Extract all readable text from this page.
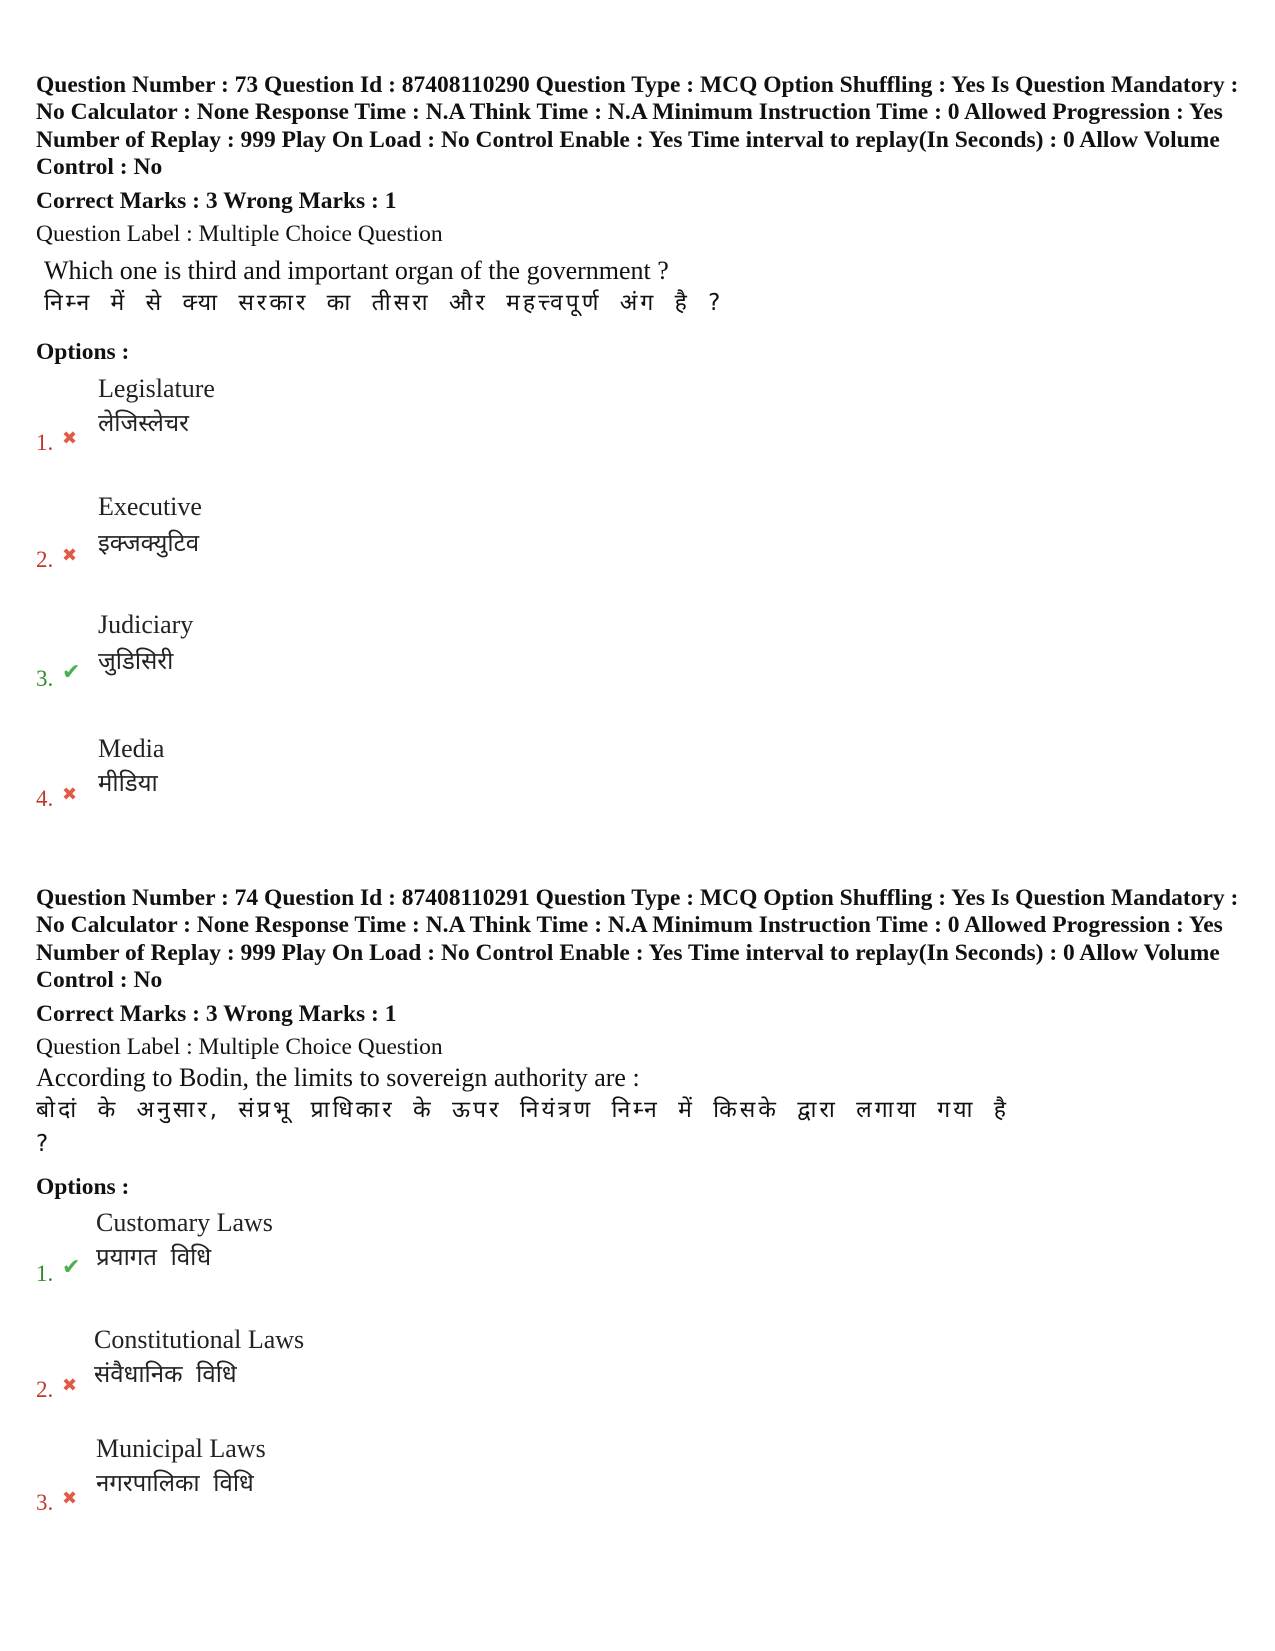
Question Number : 73 Question Id : 87408110290 Question Type : MCQ Option Shuffling : Yes Is Question Mandatory : No Calculator : None Response Time : N.A Think Time : N.A Minimum Instruction Time : 0 Allowed Progression : Yes Number of Replay : 999 Play On Load : No Control Enable : Yes Time interval to replay(In Seconds) : 0 Allow Volume Control : No

Correct Marks : 3 Wrong Marks : 1

Question Label : Multiple Choice Question

Which one is third and important organ of the government ?

निम्न में से क्या सरकार का तीसरा और महत्त्वपूर्ण अंग है ?

Options :

Legislature
लेजिस्लेचर
1. ✖
Executive
इक्जक्युटिव
2. ✖
Judiciary
जुडिसिरी
3. ✔
Media
मीडिया
4. ✖

Question Number : 74 Question Id : 87408110291 Question Type : MCQ Option Shuffling : Yes Is Question Mandatory : No Calculator : None Response Time : N.A Think Time : N.A Minimum Instruction Time : 0 Allowed Progression : Yes Number of Replay : 999 Play On Load : No Control Enable : Yes Time interval to replay(In Seconds) : 0 Allow Volume Control : No

Correct Marks : 3 Wrong Marks : 1

Question Label : Multiple Choice Question

According to Bodin, the limits to sovereign authority are :

बोदां के अनुसार, संप्रभू प्राधिकार के ऊपर नियंत्रण निम्न में किसके द्वारा लगाया गया है ?

Options :

Customary Laws
प्रयागत विधि
1. ✔
Constitutional Laws
संवैधानिक विधि
2. ✖
Municipal Laws
नगरपालिका विधि
3. ✖
